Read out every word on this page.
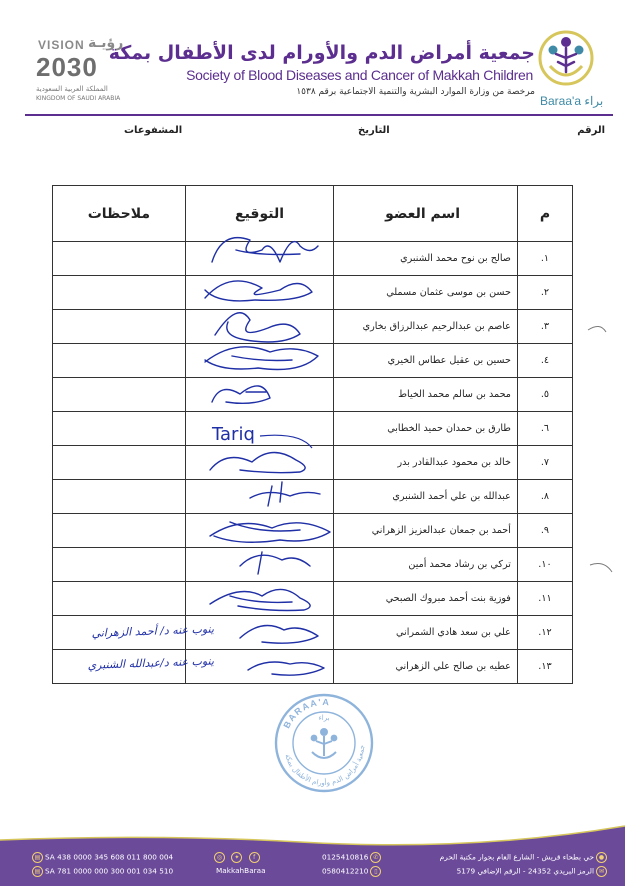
VISION رؤيـة
2030
المملكة العربية السعودية
KINGDOM OF SAUDI ARABIA
جمعية أمراض الدم والأورام لدى الأطفال بمكة
Society of Blood Diseases and Cancer of Makkah Children
مرخصة من وزارة الموارد البشرية والتنمية الاجتماعية برقم ١٥٣٨
Baraa'a براء
الرقم
التاريخ
المشفوعات
م	اسم العضو	التوقيع	ملاحظات
١.	صالح بن نوح محمد الشنبري		
٢.	حسن بن موسى عثمان مسملي		
٣.	عاصم بن عبدالرحيم عبدالرزاق بخاري		
٤.	حسين بن عقيل عطاس الخيري		
٥.	محمد بن سالم محمد الخياط		
٦.	طارق بن حمدان حميد الخطابي		
٧.	خالد بن محمود عبدالقادر بدر		
٨.	عبدالله بن علي أحمد الشنبري		
٩.	أحمد بن جمعان عبدالعزيز الزهراني		
١٠.	تركي بن رشاد محمد أمين		
١١.	فوزية بنت أحمد مبروك الصبحي		
١٢.	علي بن سعد هادي الشمراني		
١٣.	عطيه بن صالح علي الزهراني		
Tariq
BARAA'A
جمعية أمراض الدم وأورام الأطفال بمكة
براء
▤ SA 438 0000 345 608 011 800 004
▤ SA 781 0000 000 300 001 034 510
◎ ✦ f
MakkahBaraa
0125410816 ✆
0580412210 ▯
●حي بطحاء قريش - الشارع العام بجوار مكتبة الحرم
✉الرمز البريدي 24352 - الرقم الإضافي 5179
ينوب عنه د/ أحمد الزهراني
ينوب عنه د/عبدالله الشنبري
